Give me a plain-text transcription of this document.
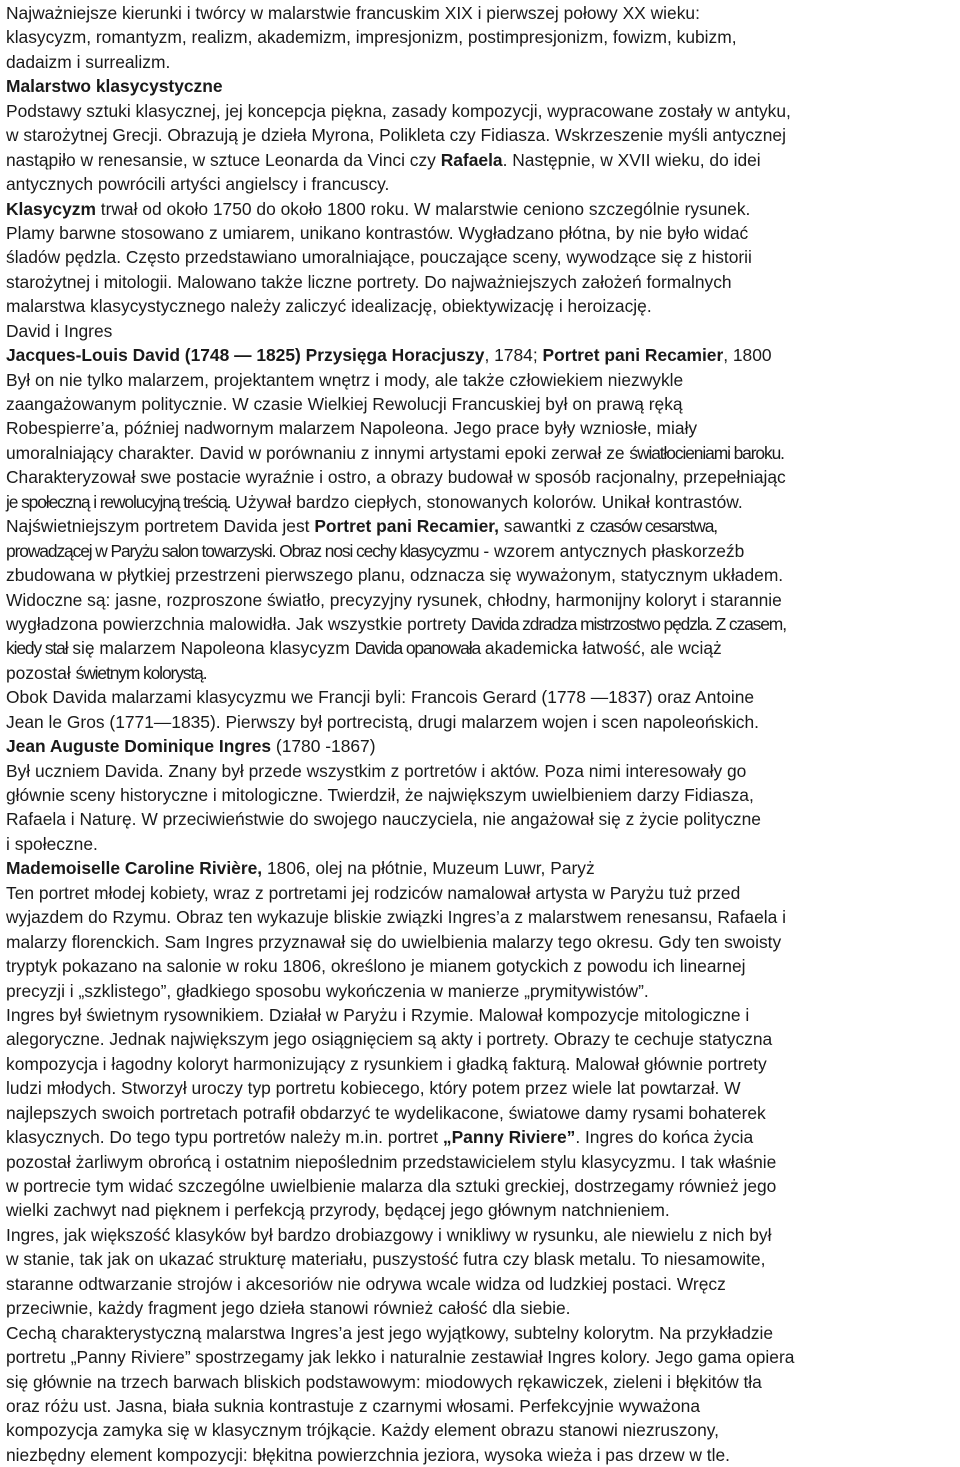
Najważniejsze kierunki i twórcy w malarstwie francuskim XIX i pierwszej połowy XX wieku:
klasycyzm, romantyzm, realizm, akademizm, impresjonizm, postimpresjonizm, fowizm, kubizm,
dadaizm i surrealizm.
Malarstwo klasycystyczne
Podstawy sztuki klasycznej, jej koncepcja piękna, zasady kompozycji, wypracowane zostały w antyku,
w starożytnej Grecji. Obrazują je dzieła Myrona, Polikleta czy Fidiasza. Wskrzeszenie myśli antycznej
nastąpiło w renesansie, w sztuce Leonarda da Vinci czy Rafaela. Następnie, w XVII wieku, do idei
antycznych powrócili artyści angielscy i francuscy.
Klasycyzm trwał od około 1750 do około 1800 roku. W malarstwie ceniono szczególnie rysunek.
Plamy barwne stosowano z umiarem, unikano kontrastów. Wygładzano płótna, by nie było widać
śladów pędzla. Często przedstawiano umoralniające, pouczające sceny, wywodzące się z historii
starożytnej i mitologii. Malowano także liczne portrety. Do najważniejszych założeń formalnych
malarstwa klasycystycznego należy zaliczyć idealizację, obiektywizację i heroizację.
David i Ingres
Jacques-Louis David (1748 — 1825) Przysięga Horacjuszy, 1784; Portret pani Recamier, 1800
Był on nie tylko malarzem, projektantem wnętrz i mody, ale także człowiekiem niezwykle
zaangażowanym politycznie. W czasie Wielkiej Rewolucji Francuskiej był on prawą ręką
Robespierre’a, później nadwornym malarzem Napoleona. Jego prace były wzniosłe, miały
umoralniający charakter. David w porównaniu z innymi artystami epoki zerwał ze światłocieniami baroku.
Charakteryzował swe postacie wyraźnie i ostro, a obrazy budował w sposób racjonalny, przepełniając
je społeczną i rewolucyjną treścią. Używał bardzo ciepłych, stonowanych kolorów. Unikał kontrastów.
Najświetniejszym portretem Davida jest Portret pani Recamier, sawantki z czasów cesarstwa,
prowadzącej w Paryżu salon towarzyski. Obraz nosi cechy klasycyzmu - wzorem antycznych płaskorzeźb
zbudowana w płytkiej przestrzeni pierwszego planu, odznacza się wyważonym, statycznym układem.
Widoczne są: jasne, rozproszone światło, precyzyjny rysunek, chłodny, harmonijny koloryt i starannie
wygładzona powierzchnia malowidła. Jak wszystkie portrety Davida zdradza mistrzostwo pędzla. Z czasem,
kiedy stał się malarzem Napoleona klasycyzm Davida opanowała akademicka łatwość, ale wciąż
pozostał świetnym kolorystą.
Obok Davida malarzami klasycyzmu we Francji byli: Francois Gerard (1778 —1837) oraz Antoine
Jean le Gros (1771—1835). Pierwszy był portrecistą, drugi malarzem wojen i scen napoleońskich.
Jean Auguste Dominique Ingres (1780 -1867)
Był uczniem Davida. Znany był przede wszystkim z portretów i aktów. Poza nimi interesowały go
głównie sceny historyczne i mitologiczne. Twierdził, że największym uwielbieniem darzy Fidiasza,
Rafaela i Naturę. W przeciwieństwie do swojego nauczyciela, nie angażował się z życie polityczne
i społeczne.
Mademoiselle Caroline Rivière, 1806, olej na płótnie, Muzeum Luwr, Paryż
Ten portret młodej kobiety, wraz z portretami jej rodziców namalował artysta w Paryżu tuż przed
wyjazdem do Rzymu. Obraz ten wykazuje bliskie związki Ingres’a z malarstwem renesansu, Rafaela i
malarzy florenckich. Sam Ingres przyznawał się do uwielbienia malarzy tego okresu. Gdy ten swoisty
tryptyk pokazano na salonie w roku 1806, określono je mianem gotyckich z powodu ich linearnej
precyzji i „szklistego”, gładkiego sposobu wykończenia w manierze „prymitywistów”.
Ingres był świetnym rysownikiem. Działał w Paryżu i Rzymie. Malował kompozycje mitologiczne i
alegoryczne. Jednak największym jego osiągnięciem są akty i portrety. Obrazy te cechuje statyczna
kompozycja i łagodny koloryt harmonizujący z rysunkiem i gładką fakturą. Malował głównie portrety
ludzi młodych. Stworzył uroczy typ portretu kobiecego, który potem przez wiele lat powtarzał. W
najlepszych swoich portretach potrafił obdarzyć te wydelikacone, światowe damy rysami bohaterek
klasycznych. Do tego typu portretów należy m.in. portret „Panny Riviere”. Ingres do końca życia
pozostał żarliwym obrońcą i ostatnim niepoślednim przedstawicielem stylu klasycyzmu. I tak właśnie
w portrecie tym widać szczególne uwielbienie malarza dla sztuki greckiej, dostrzegamy również jego
wielki zachwyt nad pięknem i perfekcją przyrody, będącej jego głównym natchnieniem.
Ingres, jak większość klasyków był bardzo drobiazgowy i wnikliwy w rysunku, ale niewielu z nich był
w stanie, tak jak on ukazać strukturę materiału, puszystość futra czy blask metalu. To niesamowite,
staranne odtwarzanie strojów i akcesoriów nie odrywa wcale widza od ludzkiej postaci. Wręcz
przeciwnie, każdy fragment jego dzieła stanowi również całość dla siebie.
Cechą charakterystyczną malarstwa Ingres’a jest jego wyjątkowy, subtelny kolorytm. Na przykładzie
portretu „Panny Riviere” spostrzegamy jak lekko i naturalnie zestawiał Ingres kolory. Jego gama opiera
się głównie na trzech barwach bliskich podstawowym: miodowych rękawiczek, zieleni i błękitów tła
oraz różu ust. Jasna, biała suknia kontrastuje z czarnymi włosami. Perfekcyjnie wyważona
kompozycja zamyka się w klasycznym trójkącie. Każdy element obrazu stanowi niezruszony,
niezbędny element kompozycji: błękitna powierzchnia jeziora, wysoka wieża i pas drzew w tle.
